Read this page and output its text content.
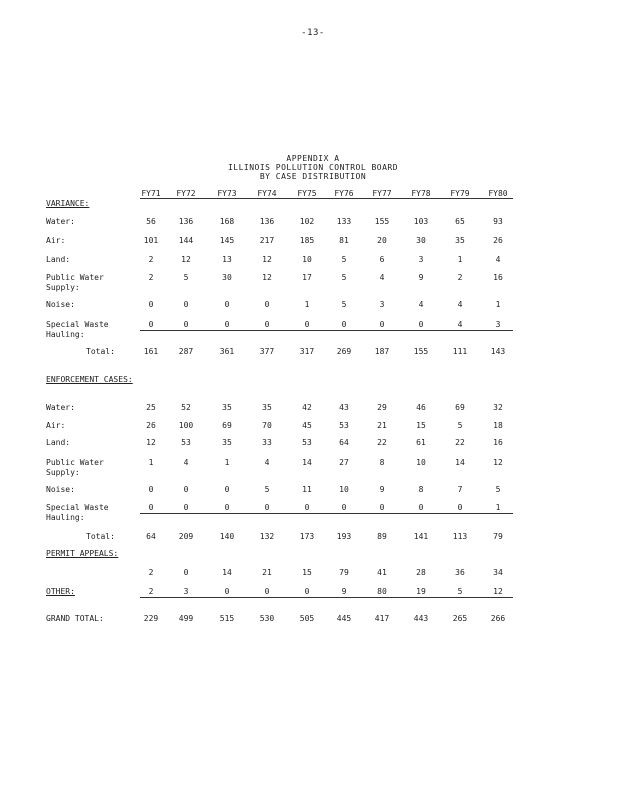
-13-
APPENDIX A
ILLINOIS POLLUTION CONTROL BOARD
BY CASE DISTRIBUTION
FY71	FY72	FY73	FY74	FY75	FY76	FY77	FY78	FY79	FY80
VARIANCE:
Water:	56	136	168	136	102	133	155	103	65	93
Air:	101	144	145	217	185	81	20	30	35	26
Land:	2	12	13	12	10	5	6	3	1	4
Public Water Supply:
2	5	30	12	17	5	4	9	2	16
Noise:	0	0	0	0	1	5	3	4	4	1
Special Waste Hauling:
0	0	0	0	0	0	0	0	4	3
Total:	161	287	361	377	317	269	187	155	111	143
ENFORCEMENT CASES:
Water:	25	52	35	35	42	43	29	46	69	32
Air:	26	100	69	70	45	53	21	15	5	18
Land:	12	53	35	33	53	64	22	61	22	16
Public Water Supply:
1	4	1	4	14	27	8	10	14	12
Noise:	0	0	0	5	11	10	9	8	7	5
Special Waste Hauling:
0	0	0	0	0	0	0	0	0	1
Total:	64	209	140	132	173	193	89	141	113	79
PERMIT APPEALS:
2	0	14	21	15	79	41	28	36	34
OTHER:	2	3	0	0	0	9	80	19	5	12
GRAND TOTAL:	229	499	515	530	505	445	417	443	265	266
